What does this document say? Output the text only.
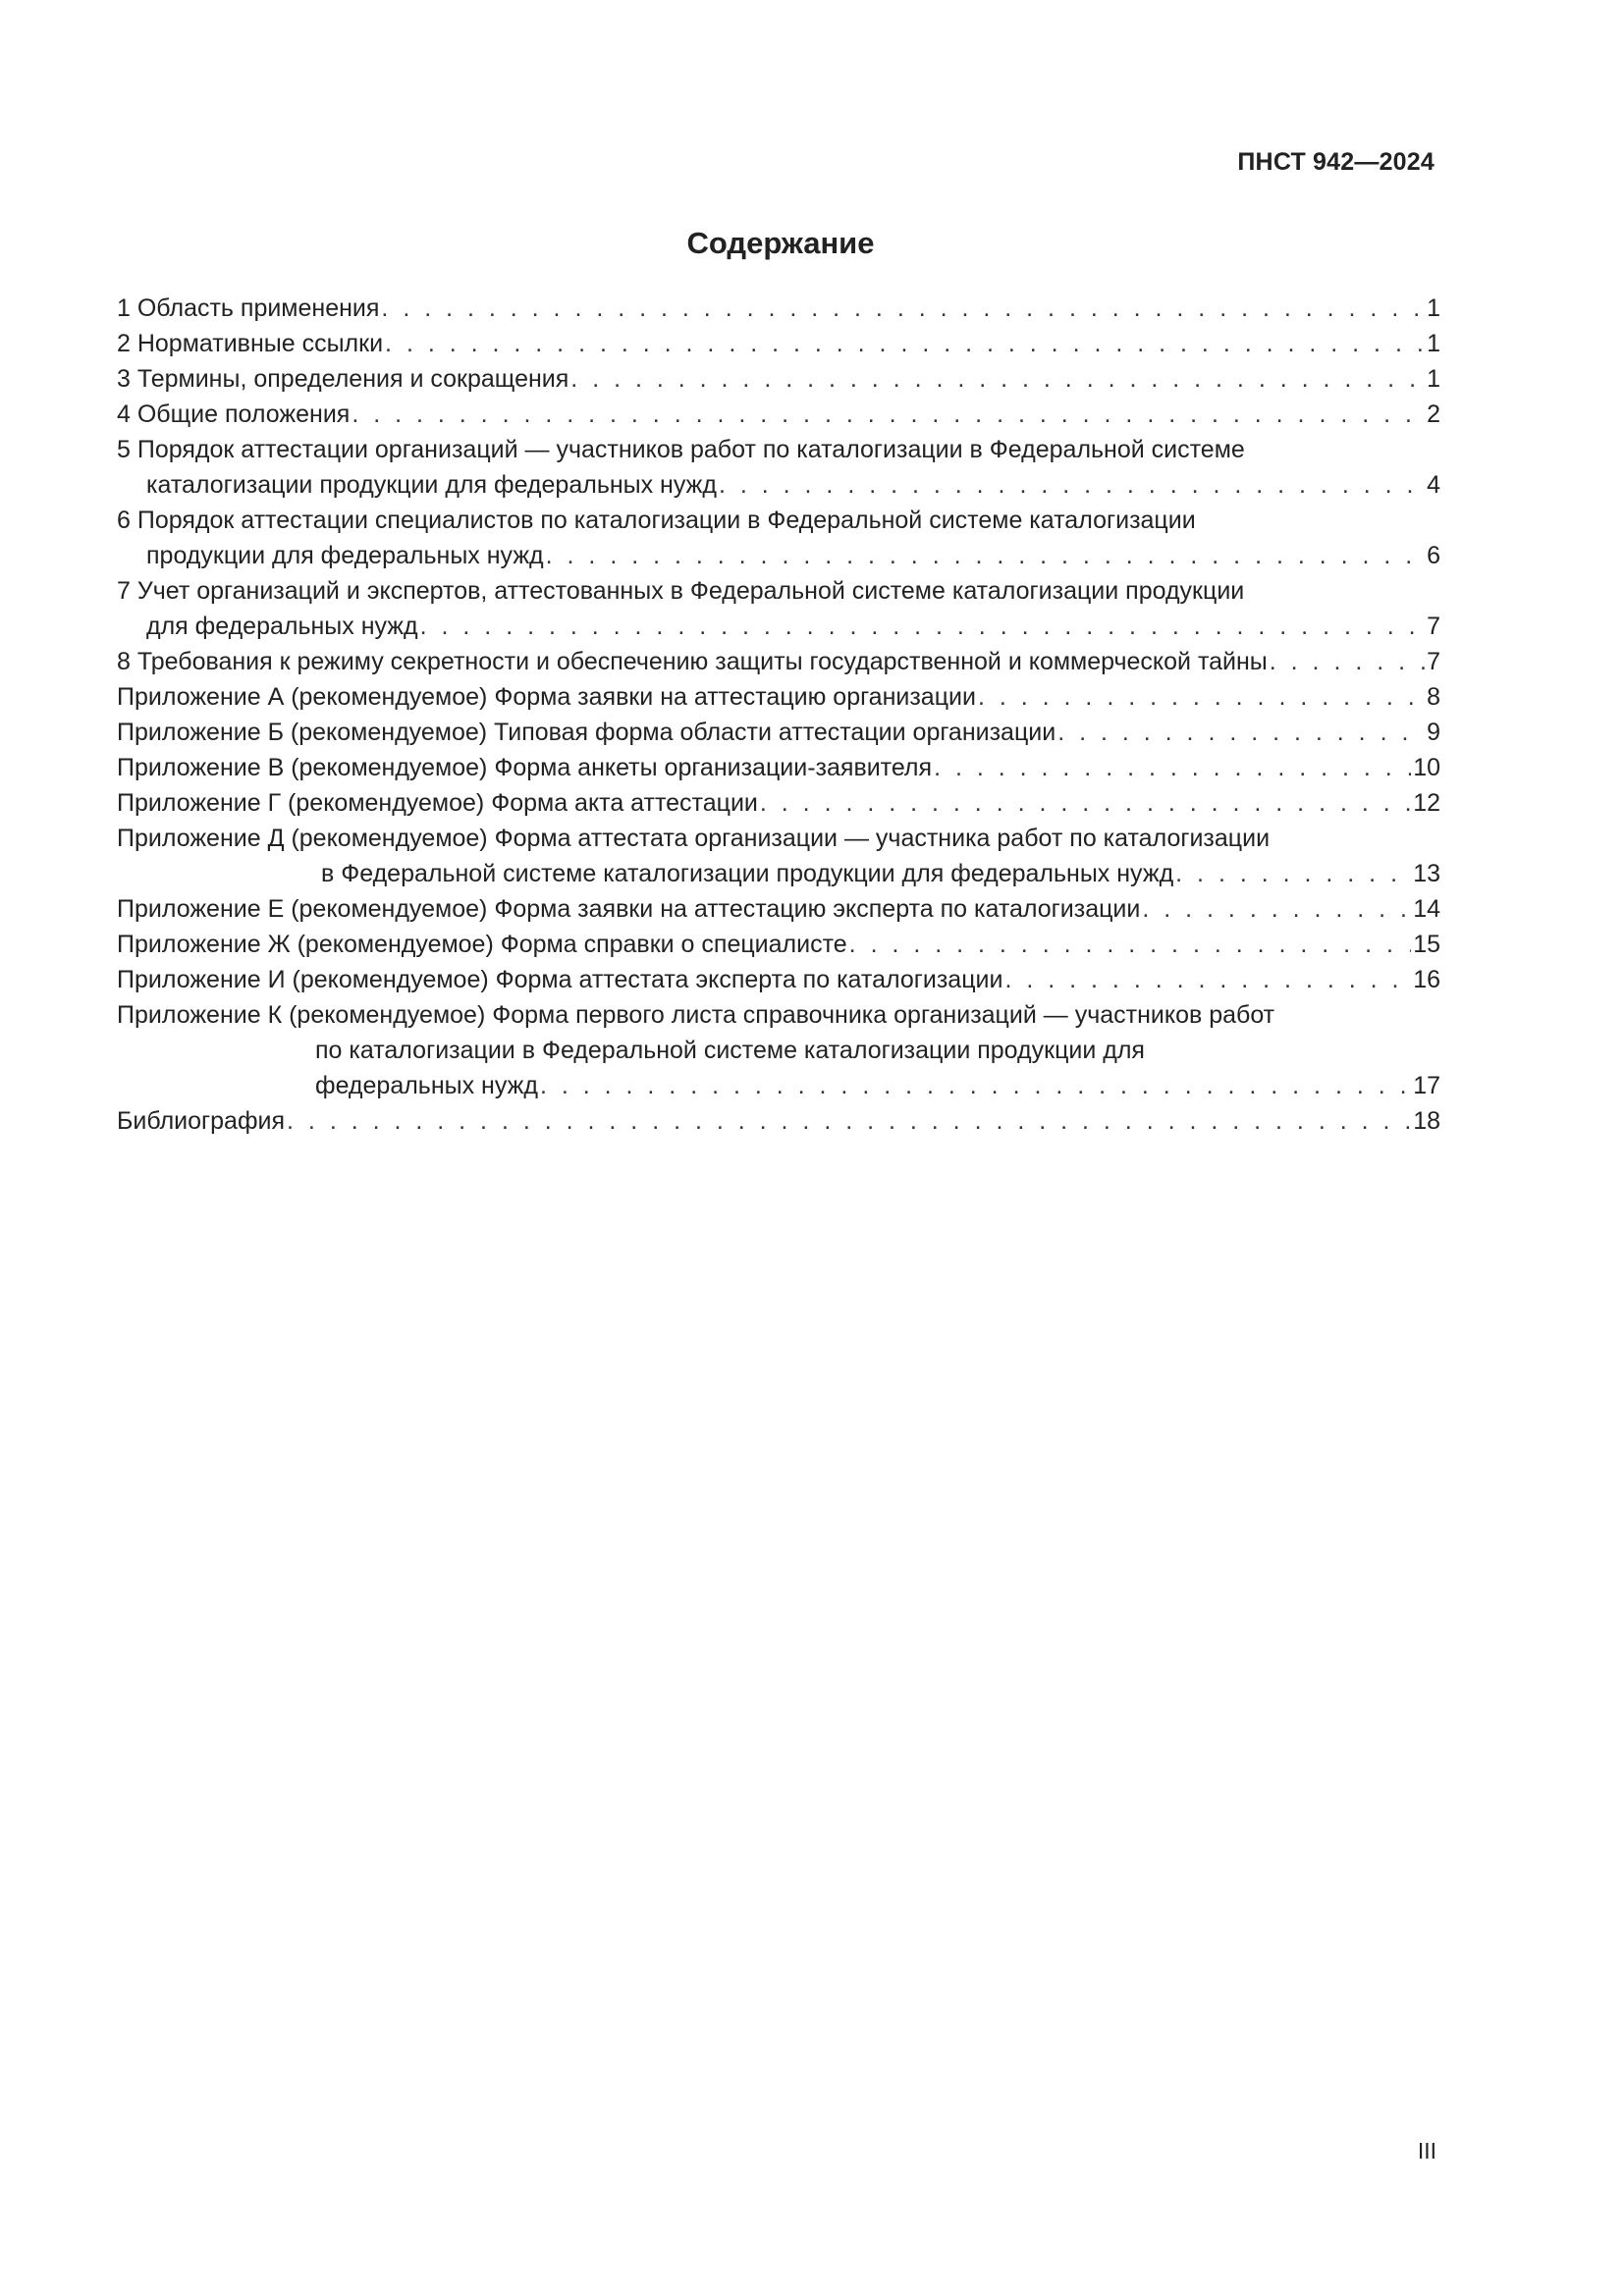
ПНСТ 942—2024
Содержание
1 Область применения . . .	1
2 Нормативные ссылки . . .	1
3 Термины, определения и сокращения . . .	1
4 Общие положения . . .	2
5 Порядок аттестации организаций — участников работ по каталогизации в Федеральной системе
каталогизации продукции для федеральных нужд . . .	4
6 Порядок аттестации специалистов по каталогизации в Федеральной системе каталогизации
продукции для федеральных нужд . . .	6
7 Учет организаций и экспертов, аттестованных в Федеральной системе каталогизации продукции
для федеральных нужд . . .	7
8 Требования к режиму секретности и обеспечению защиты государственной и коммерческой тайны . . .	7
Приложение А (рекомендуемое) Форма заявки на аттестацию организации . . .	8
Приложение Б (рекомендуемое) Типовая форма области аттестации организации . . .	9
Приложение В (рекомендуемое) Форма анкеты организации-заявителя . . .	10
Приложение Г (рекомендуемое) Форма акта аттестации . . .	12
Приложение Д (рекомендуемое) Форма аттестата организации — участника работ по каталогизации
в Федеральной системе каталогизации продукции для федеральных нужд . . .	13
Приложение Е (рекомендуемое) Форма заявки на аттестацию эксперта по каталогизации . . .	14
Приложение Ж (рекомендуемое) Форма справки о специалисте . . .	15
Приложение И (рекомендуемое) Форма аттестата эксперта по каталогизации . . .	16
Приложение К (рекомендуемое) Форма первого листа справочника организаций — участников работ
по каталогизации в Федеральной системе каталогизации продукции для
федеральных нужд . . .	17
Библиография . . .	18
III
